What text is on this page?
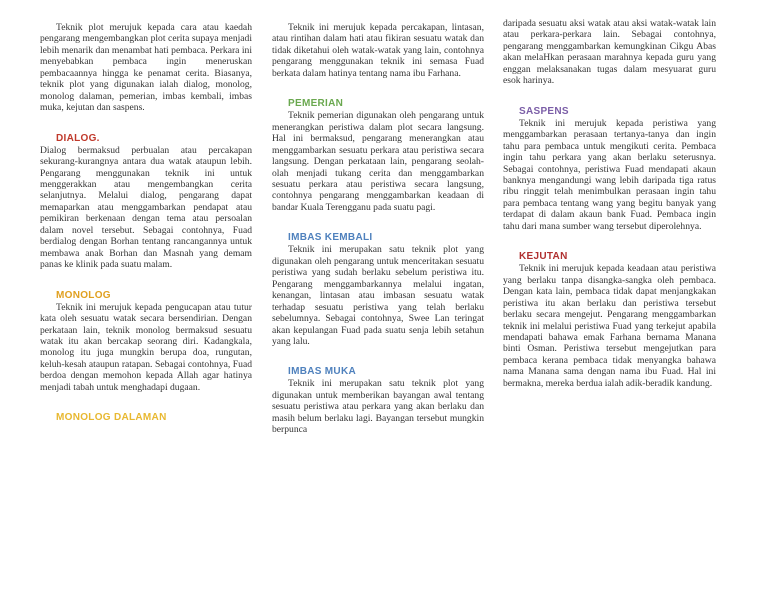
Teknik plot merujuk kepada cara atau kaedah pengarang mengembangkan plot cerita supaya menjadi lebih menarik dan menambat hati pembaca. Perkara ini menyebabkan pembaca ingin meneruskan pembacaannya hingga ke penamat cerita. Biasanya, teknik plot yang digunakan ialah dialog, monolog, monolog dalaman, pemerian, imbas kembali, imbas muka, kejutan dan saspens.

DIALOG.

Dialog bermaksud perbualan atau percakapan sekurang-kurangnya antara dua watak ataupun lebih. Pengarang menggunakan teknik ini untuk menggerakkan atau mengembangkan cerita selanjutnya. Melalui dialog, pengarang dapat memaparkan atau menggambarkan pendapat atau pemikiran berkenaan dengan tema atau persoalan dalam novel tersebut. Sebagai contohnya, Fuad berdialog dengan Borhan tentang rancangannya untuk membawa anak Borhan dan Masnah yang demam panas ke klinik pada suatu malam.

MONOLOG

Teknik ini merujuk kepada pengucapan atau tutur kata oleh sesuatu watak secara bersendirian. Dengan perkataan lain, teknik monolog bermaksud sesuatu watak itu akan bercakap seorang diri. Kadangkala, monolog itu juga mungkin berupa doa, rungutan, keluh-kesah ataupun ratapan. Sebagai contohnya, Fuad berdoa dengan memohon kepada Allah agar hatinya menjadi tabah untuk menghadapi dugaan.

MONOLOG DALAMAN

Teknik ini merujuk kepada percakapan, lintasan, atau rintihan dalam hati atau fikiran sesuatu watak dan tidak diketahui oleh watak-watak yang lain, contohnya pengarang menggunakan teknik ini semasa Fuad berkata dalam hatinya tentang nama ibu Farhana.

PEMERIAN

Teknik pemerian digunakan oleh pengarang untuk menerangkan peristiwa dalam plot secara langsung. Hal ini bermaksud, pengarang menerangkan atau menggambarkan sesuatu perkara atau peristiwa secara langsung. Dengan perkataan lain, pengarang seolah-olah menjadi tukang cerita dan menggambarkan sesuatu perkara atau peristiwa secara langsung, contohnya pengarang menggambarkan keadaan di bandar Kuala Terengganu pada suatu pagi.

IMBAS KEMBALI

Teknik ini merupakan satu teknik plot yang digunakan oleh pengarang untuk menceritakan sesuatu peristiwa yang sudah berlaku sebelum peristiwa itu. Pengarang menggambarkannya melalui ingatan, kenangan, lintasan atau imbasan sesuatu watak terhadap sesuatu peristiwa yang telah berlaku sebelumnya. Sebagai contohnya, Swee Lan teringat akan kepulangan Fuad pada suatu senja lebih setahun yang lalu.

IMBAS MUKA

Teknik ini merupakan satu teknik plot yang digunakan untuk memberikan bayangan awal tentang sesuatu peristiwa atau perkara yang akan berlaku dan masih belum berlaku lagi. Bayangan tersebut mungkin berpunca

daripada sesuatu aksi watak atau aksi watak-watak lain atau perkara-perkara lain. Sebagai contohnya, pengarang menggambarkan kemungkinan Cikgu Abas akan melaHkan perasaan marahnya kepada guru yang enggan melaksanakan tugas dalam mesyuarat guru esok harinya.

SASPENS

Teknik ini merujuk kepada peristiwa yang menggambarkan perasaan tertanya-tanya dan ingin tahu para pembaca untuk mengikuti cerita. Pembaca ingin tahu perkara yang akan berlaku seterusnya. Sebagai contohnya, peristiwa Fuad mendapati akaun banknya mengandungi wang lebih daripada tiga ratus ribu ringgit telah menimbulkan perasaan ingin tahu para pembaca tentang wang yang begitu banyak yang terdapat di dalam akaun bank Fuad. Pembaca ingin tahu dari mana sumber wang tersebut diperolehnya.

KEJUTAN

Teknik ini merujuk kepada keadaan atau peristiwa yang berlaku tanpa disangka-sangka oleh pembaca. Dengan kata lain, pembaca tidak dapat menjangkakan peristiwa itu akan berlaku dan peristiwa tersebut berlaku secara mengejut. Pengarang menggambarkan teknik ini melalui peristiwa Fuad yang terkejut apabila mendapati bahawa emak Farhana bernama Manana binti Osman. Peristiwa tersebut mengejutkan para pembaca kerana pembaca tidak menyangka bahawa nama Manana sama dengan nama ibu Fuad. Hal ini bermakna, mereka berdua ialah adik-beradik kandung.
